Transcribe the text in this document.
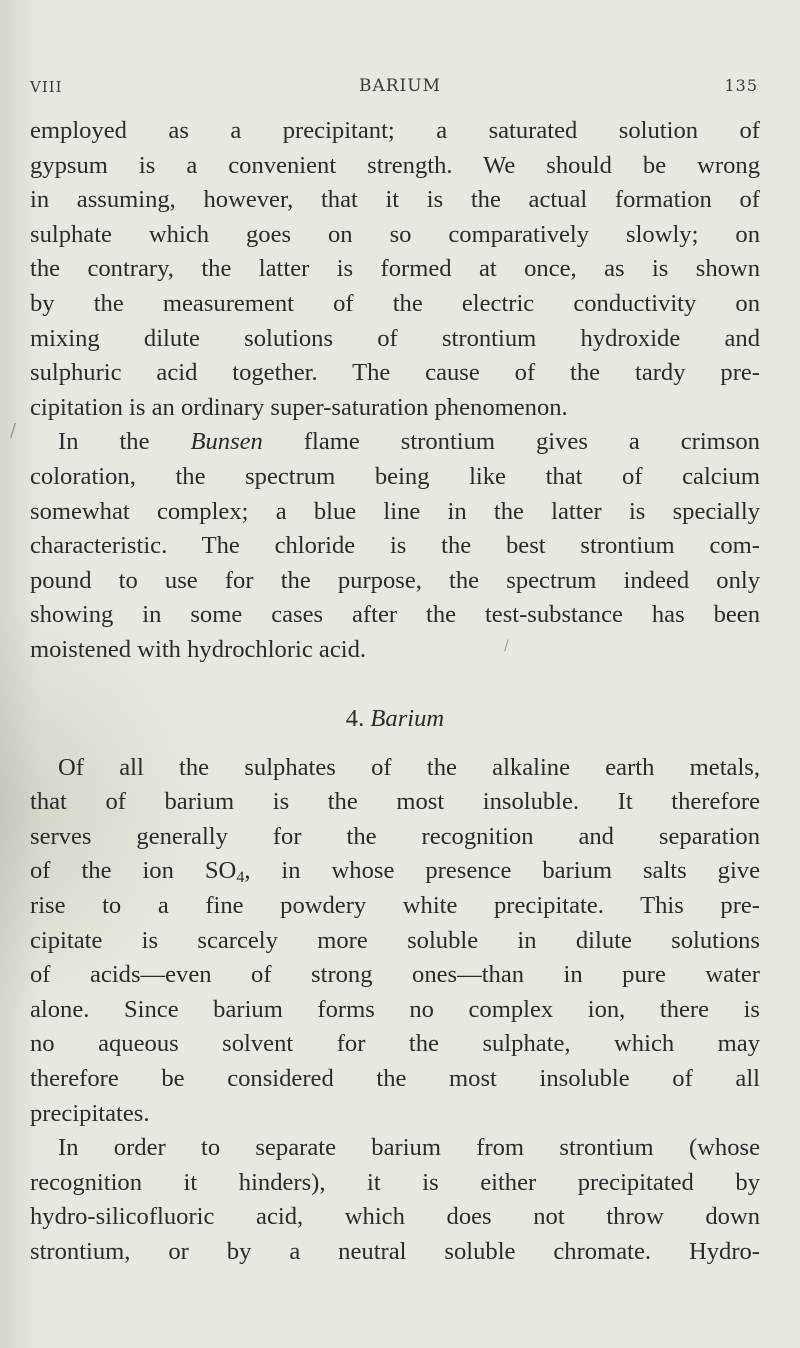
VIII	BARIUM	135
employed as a precipitant; a saturated solution of
gypsum is a convenient strength. We should be wrong
in assuming, however, that it is the actual formation of
sulphate which goes on so comparatively slowly; on
the contrary, the latter is formed at once, as is shown
by the measurement of the electric conductivity on
mixing dilute solutions of strontium hydroxide and
sulphuric acid together. The cause of the tardy pre-
cipitation is an ordinary super-saturation phenomenon.
In the Bunsen flame strontium gives a crimson
coloration, the spectrum being like that of calcium
somewhat complex; a blue line in the latter is specially
characteristic. The chloride is the best strontium com-
pound to use for the purpose, the spectrum indeed only
showing in some cases after the test-substance has been
moistened with hydrochloric acid.
4. Barium
Of all the sulphates of the alkaline earth metals,
that of barium is the most insoluble. It therefore
serves generally for the recognition and separation
of the ion $SO_4$, in whose presence barium salts give
rise to a fine powdery white precipitate. This pre-
cipitate is scarcely more soluble in dilute solutions
of acids—even of strong ones—than in pure water
alone. Since barium forms no complex ion, there is
no aqueous solvent for the sulphate, which may
therefore be considered the most insoluble of all
precipitates.
In order to separate barium from strontium (whose
recognition it hinders), it is either precipitated by
hydro-silicofluoric acid, which does not throw down
strontium, or by a neutral soluble chromate. Hydro-
/
/
